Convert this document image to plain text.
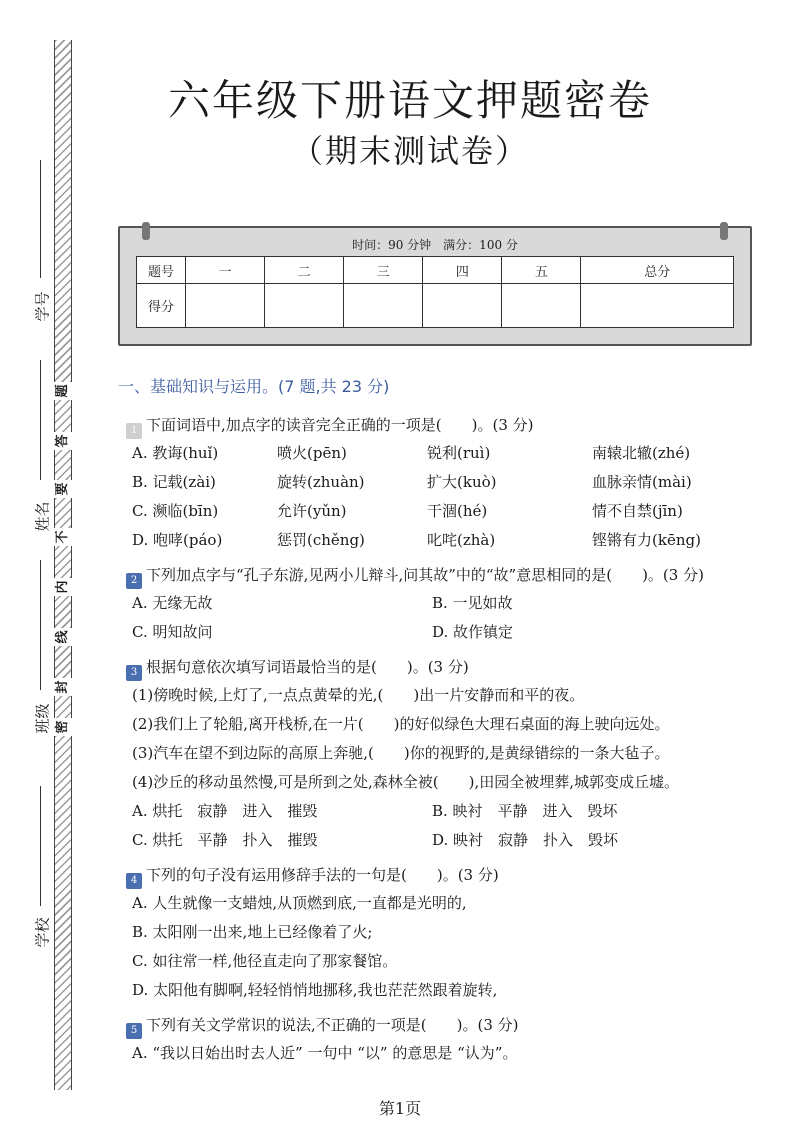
学号
姓名
班级
学校
题
答
要
不
内
线
封
密
六年级下册语文押题密卷
（期末测试卷）
时间：90 分钟　满分：100 分
题号	一	二	三	四	五	总分
得分						
一、基础知识与运用。(7 题,共 23 分)
1 下面词语中,加点字的读音完全正确的一项是(　　)。(3 分)
A. 教诲(huǐ)	喷火(pēn)	锐利(ruì)	南辕北辙(zhé)
B. 记载(zài)	旋转(zhuàn)	扩大(kuò)	血脉亲情(mài)
C. 濒临(bīn)	允许(yǔn)	干涸(hé)	情不自禁(jīn)
D. 咆哮(páo)	惩罚(chěng)	叱咤(zhà)	铿锵有力(kēng)
2 下列加点字与“孔子东游,见两小儿辩斗,问其故”中的“故”意思相同的是(　　)。(3 分)
A. 无缘无故	B. 一见如故
C. 明知故问	D. 故作镇定
3 根据句意依次填写词语最恰当的是(　　)。(3 分)
(1)傍晚时候,上灯了,一点点黄晕的光,(　　)出一片安静而和平的夜。
(2)我们上了轮船,离开栈桥,在一片(　　)的好似绿色大理石桌面的海上驶向远处。
(3)汽车在望不到边际的高原上奔驰,(　　)你的视野的,是黄绿错综的一条大毡子。
(4)沙丘的移动虽然慢,可是所到之处,森林全被(　　),田园全被埋葬,城郭变成丘墟。
A. 烘托　寂静　进入　摧毁	B. 映衬　平静　进入　毁坏
C. 烘托　平静　扑入　摧毁	D. 映衬　寂静　扑入　毁坏
4 下列的句子没有运用修辞手法的一句是(　　)。(3 分)
A. 人生就像一支蜡烛,从顶燃到底,一直都是光明的,
B. 太阳刚一出来,地上已经像着了火;
C. 如往常一样,他径直走向了那家餐馆。
D. 太阳他有脚啊,轻轻悄悄地挪移,我也茫茫然跟着旋转,
5 下列有关文学常识的说法,不正确的一项是(　　)。(3 分)
A. “我以日始出时去人近” 一句中 “以” 的意思是 “认为”。
第1页
